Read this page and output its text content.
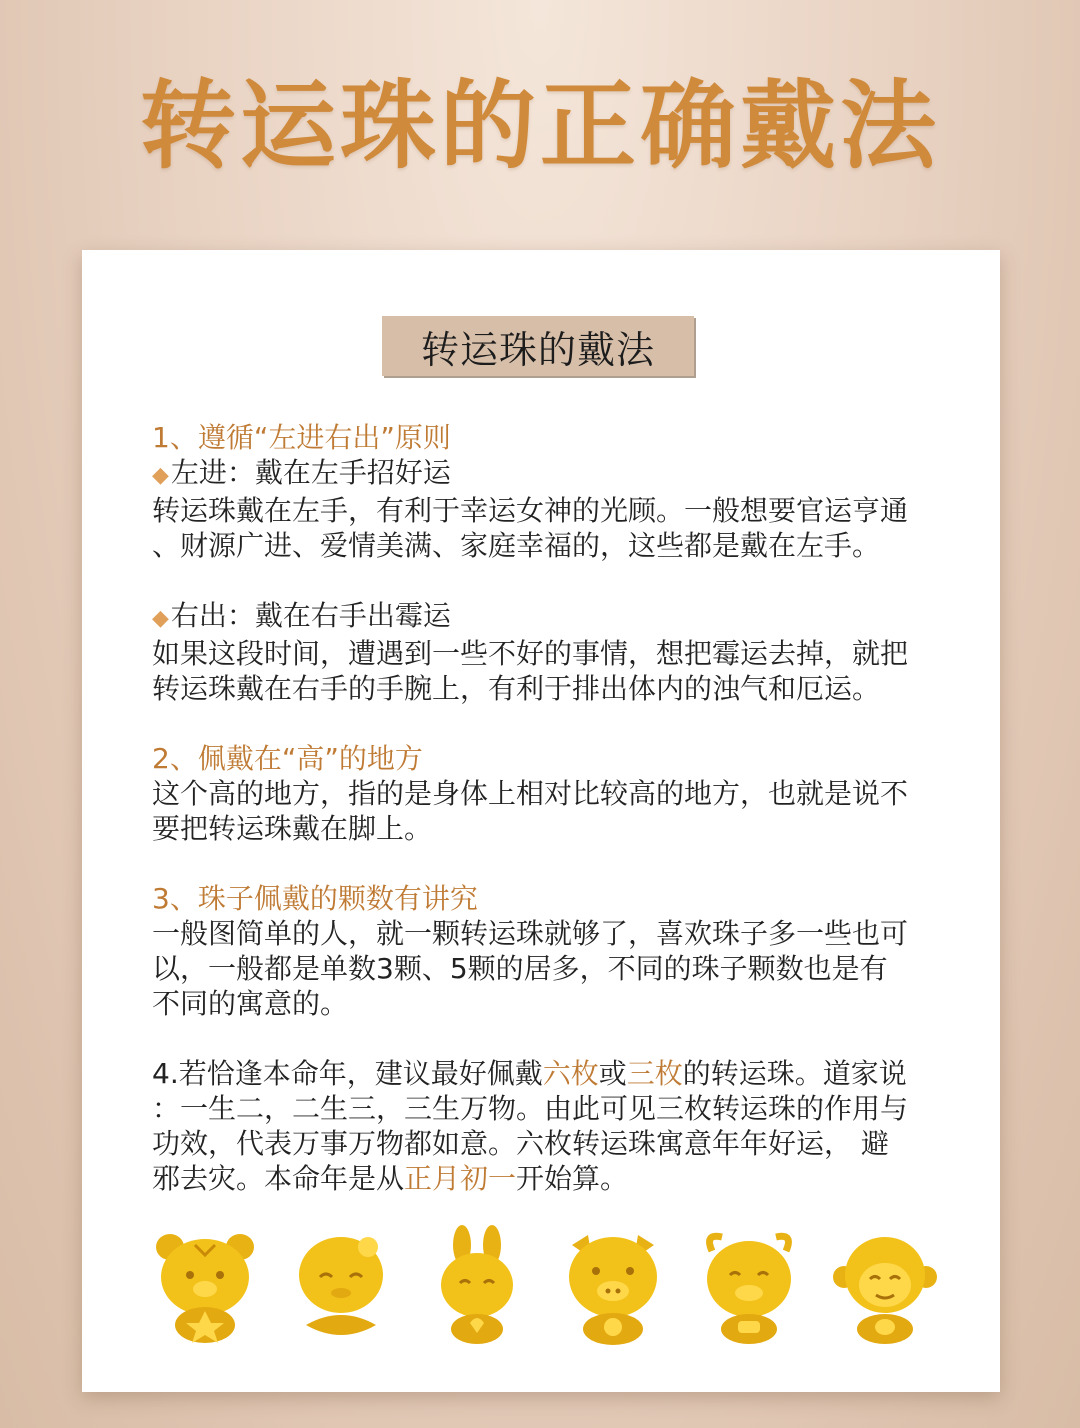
转运珠的正确戴法
转运珠的戴法
1、遵循“左进右出”原则
◆左进：戴在左手招好运
转运珠戴在左手，有利于幸运女神的光顾。一般想要官运亨通
、财源广进、爱情美满、家庭幸福的，这些都是戴在左手。
◆右出：戴在右手出霉运
如果这段时间，遭遇到一些不好的事情，想把霉运去掉，就把
转运珠戴在右手的手腕上，有利于排出体内的浊气和厄运。
2、佩戴在“高”的地方
这个高的地方，指的是身体上相对比较高的地方，也就是说不
要把转运珠戴在脚上。
3、珠子佩戴的颗数有讲究
一般图简单的人，就一颗转运珠就够了，喜欢珠子多一些也可
以，一般都是单数3颗、5颗的居多，不同的珠子颗数也是有
不同的寓意的。
4.若恰逢本命年，建议最好佩戴六枚或三枚的转运珠。道家说
：一生二，二生三，三生万物。由此可见三枚转运珠的作用与
功效，代表万事万物都如意。六枚转运珠寓意年年好运， 避
邪去灾。本命年是从正月初一开始算。
